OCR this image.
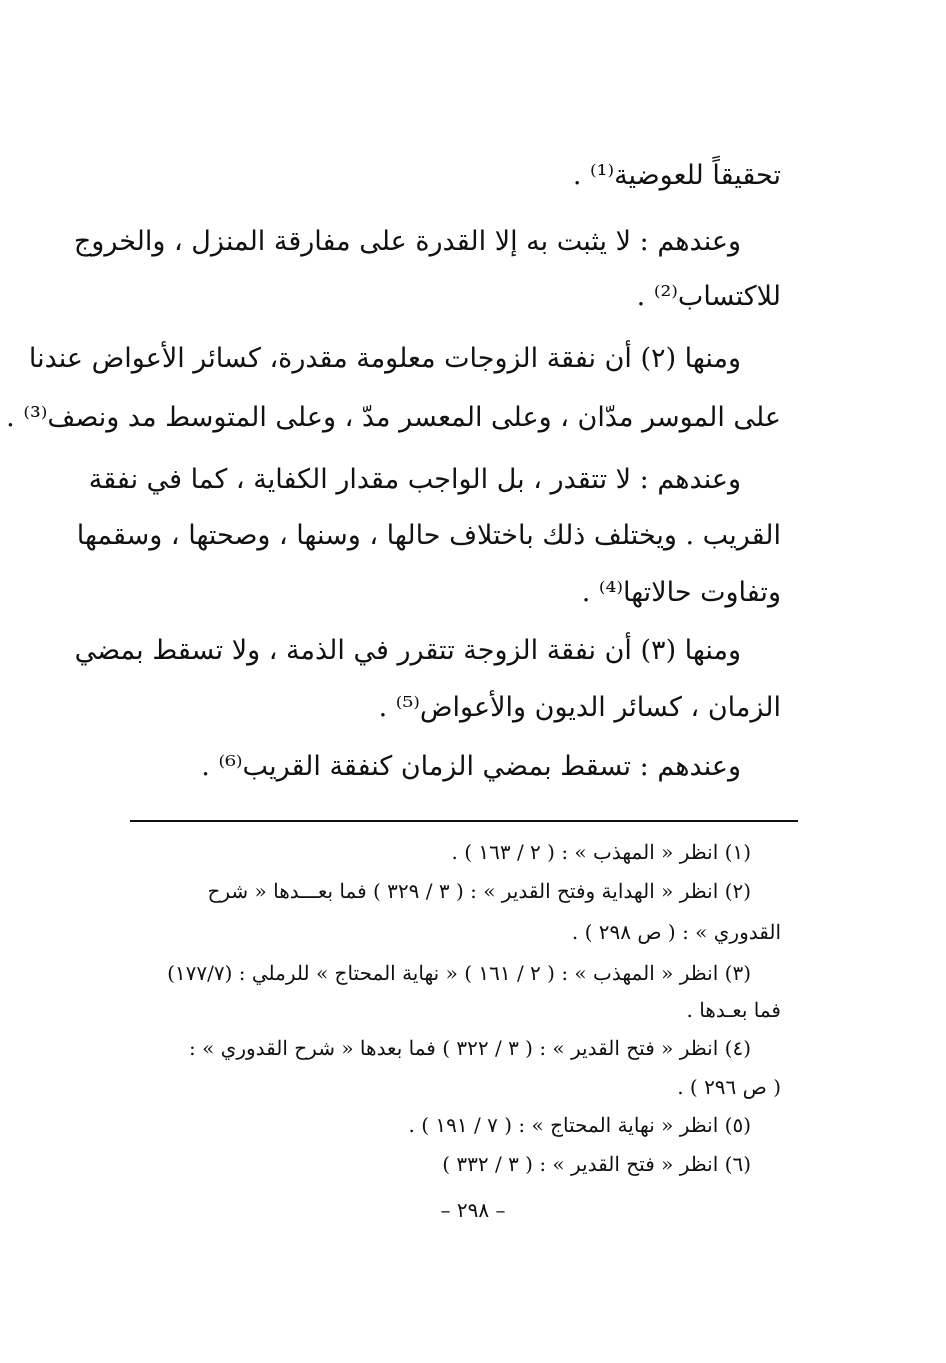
تحقيقاً للعوضية⁽¹⁾ .
وعندهم : لا يثبت به إلا القدرة على مفارقة المنزل ، والخروج
للاكتساب⁽²⁾ .
ومنها (٢) أن نفقة الزوجات معلومة مقدرة، كسائر الأعواض عندنا
على الموسر مدّان ، وعلى المعسر مدّ ، وعلى المتوسط مد ونصف⁽³⁾ .
وعندهم : لا تتقدر ، بل الواجب مقدار الكفاية ، كما في نفقة
القريب . ويختلف ذلك باختلاف حالها ، وسنها ، وصحتها ، وسقمها
وتفاوت حالاتها⁽⁴⁾ .
ومنها (٣) أن نفقة الزوجة تتقرر في الذمة ، ولا تسقط بمضي
الزمان ، كسائر الديون والأعواض⁽⁵⁾ .
وعندهم : تسقط بمضي الزمان كنفقة القريب⁽⁶⁾ .
(١) انظر « المهذب » : ( ٢ / ١٦٣ ) .
(٢) انظر « الهداية وفتح القدير » : ( ٣ / ٣٢٩ ) فما بعـــدها « شرح
القدوري » : ( ص ٢٩٨ ) .
(٣) انظر « المهذب » : ( ٢ / ١٦١ ) « نهاية المحتاج » للرملي : (١٧٧/٧)
فما بعـدها .
(٤) انظر « فتح القدير » : ( ٣ / ٣٢٢ ) فما بعدها « شرح القدوري » :
( ص ٢٩٦ ) .
(٥) انظر « نهاية المحتاج » : ( ٧ / ١٩١ ) .
(٦) انظر « فتح القدير » : ( ٣ / ٣٣٢ )
– ٢٩٨ –
